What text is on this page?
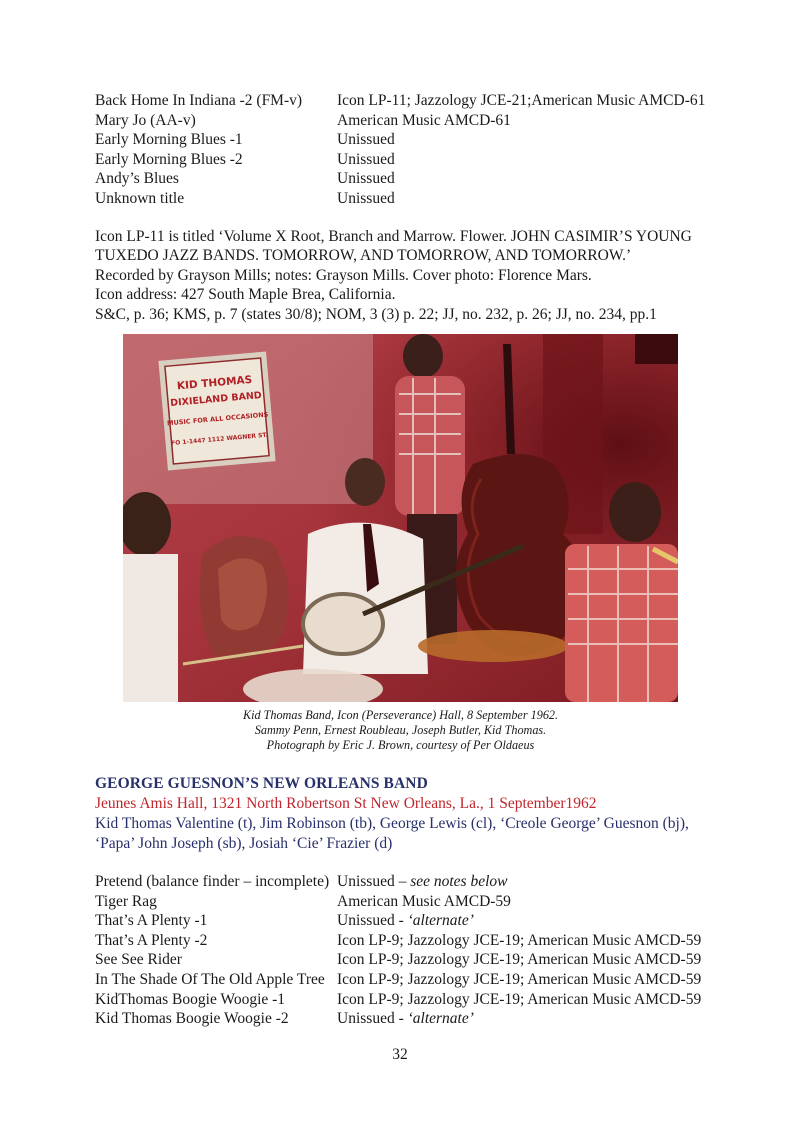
Back Home In Indiana -2 (FM-v)	Icon LP-11; Jazzology JCE-21;American Music AMCD-61
Mary Jo (AA-v)	American Music AMCD-61
Early Morning Blues -1	Unissued
Early Morning Blues -2	Unissued
Andy’s Blues	Unissued
Unknown title	Unissued

Icon LP-11 is titled ‘Volume X Root, Branch and Marrow. Flower. JOHN CASIMIR’S YOUNG TUXEDO JAZZ BANDS. TOMORROW, AND TOMORROW, AND TOMORROW.’

Recorded by Grayson Mills; notes: Grayson Mills. Cover photo: Florence Mars.

Icon address: 427 South Maple Brea, California.

S&C, p. 36; KMS, p. 7 (states 30/8); NOM, 3 (3) p. 22; JJ, no. 232, p. 26; JJ, no. 234, pp.1

KID THOMAS
DIXIELAND BAND
MUSIC FOR ALL OCCASIONS
FO 1-1447 1112 WAGNER ST.
Kid Thomas Band, Icon (Perseverance) Hall, 8 September 1962.
Sammy Penn, Ernest Roubleau, Joseph Butler, Kid Thomas.
Photograph by Eric J. Brown, courtesy of Per Oldaeus
GEORGE GUESNON’S NEW ORLEANS BAND
Jeunes Amis Hall, 1321 North Robertson St New Orleans, La., 1 September1962
Kid Thomas Valentine (t), Jim Robinson (tb), George Lewis (cl), ‘Creole George’ Guesnon (bj), ‘Papa’ John Joseph (sb), Josiah ‘Cie’ Frazier (d)
Pretend (balance finder – incomplete) Unissued – see notes below
Tiger Rag	American Music AMCD-59
That’s A Plenty -1	Unissued - ‘alternate’
That’s A Plenty -2	Icon LP-9; Jazzology JCE-19; American Music AMCD-59
See See Rider	Icon LP-9; Jazzology JCE-19; American Music AMCD-59
In The Shade Of The Old Apple Tree Icon LP-9; Jazzology JCE-19; American Music AMCD-59
KidThomas Boogie Woogie -1	Icon LP-9; Jazzology JCE-19; American Music AMCD-59
Kid Thomas Boogie Woogie -2	Unissued - ‘alternate’
32
